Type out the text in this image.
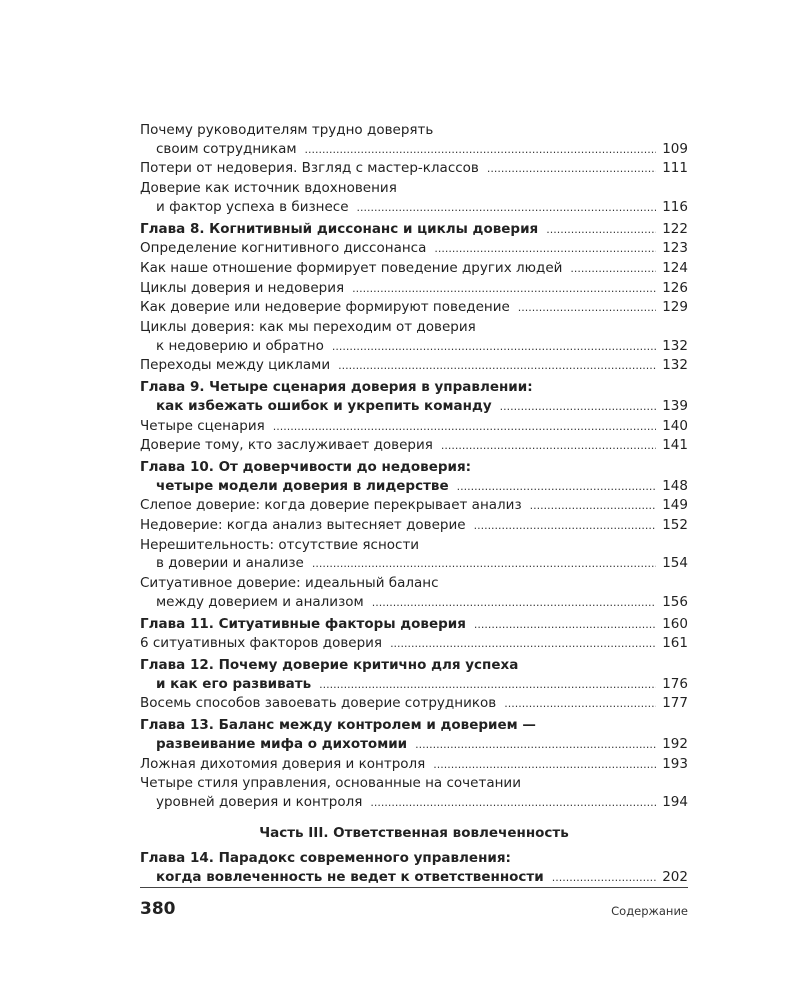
Почему руководителям трудно доверять
своим сотрудникам .....	109
Потери от недоверия. Взгляд с мастер-классов .....	111
Доверие как источник вдохновения
и фактор успеха в бизнесе .....	116
Глава 8. Когнитивный диссонанс и циклы доверия .....	122
Определение когнитивного диссонанса .....	123
Как наше отношение формирует поведение других людей .....	124
Циклы доверия и недоверия .....	126
Как доверие или недоверие формируют поведение .....	129
Циклы доверия: как мы переходим от доверия
к недоверию и обратно .....	132
Переходы между циклами .....	132
Глава 9. Четыре сценария доверия в управлении:
как избежать ошибок и укрепить команду .....	139
Четыре сценария .....	140
Доверие тому, кто заслуживает доверия .....	141
Глава 10. От доверчивости до недоверия:
четыре модели доверия в лидерстве .....	148
Слепое доверие: когда доверие перекрывает анализ .....	149
Недоверие: когда анализ вытесняет доверие .....	152
Нерешительность: отсутствие ясности
в доверии и анализе .....	154
Ситуативное доверие: идеальный баланс
между доверием и анализом .....	156
Глава 11. Ситуативные факторы доверия .....	160
6 ситуативных факторов доверия .....	161
Глава 12. Почему доверие критично для успеха
и как его развивать .....	176
Восемь способов завоевать доверие сотрудников .....	177
Глава 13. Баланс между контролем и доверием —
развеивание мифа о дихотомии .....	192
Ложная дихотомия доверия и контроля .....	193
Четыре стиля управления, основанные на сочетании
уровней доверия и контроля .....	194
Часть III. Ответственная вовлеченность
Глава 14. Парадокс современного управления:
когда вовлеченность не ведет к ответственности .....	202
380	Содержание
